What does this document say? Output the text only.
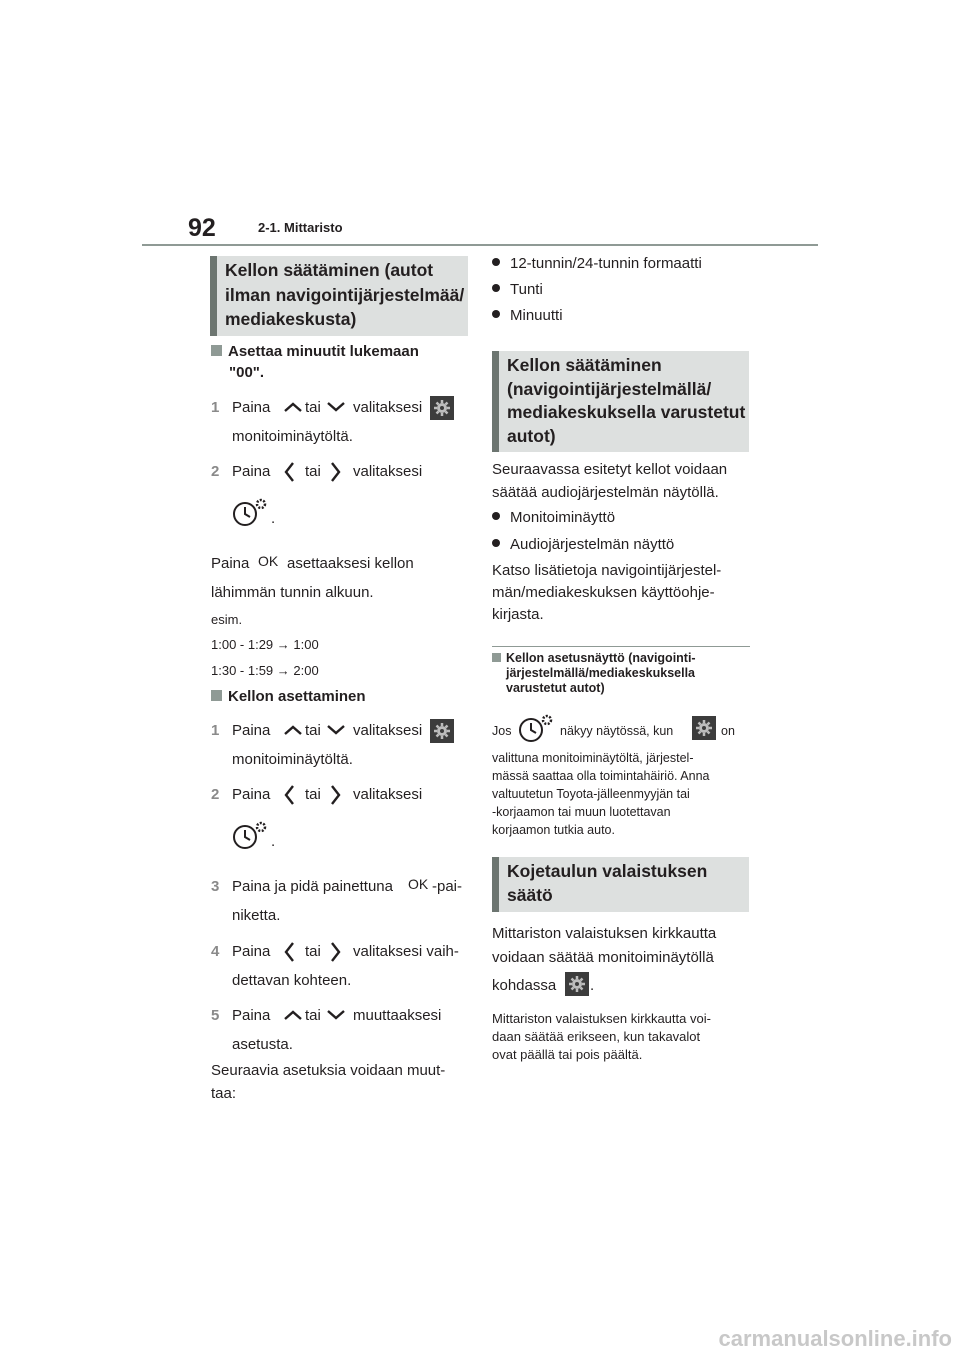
92	2-1. Mittaristo
Kellon säätäminen (autot
ilman navigointijärjestelmää/
mediakeskusta)
Asettaa minuutit lukemaan
"00".
1 Paina tai valitaksesi
monitoiminäytöltä.
2 Paina tai valitaksesi
.
Paina OK asettaaksesi kellon
lähimmän tunnin alkuun.
esim.
1:00 - 1:29 → 1:00
1:30 - 1:59 → 2:00
Kellon asettaminen
1 Paina tai valitaksesi
monitoiminäytöltä.
2 Paina tai valitaksesi
.
3 Paina ja pidä painettuna OK -pai-
niketta.
4 Paina tai valitaksesi vaih-
dettavan kohteen.
5 Paina tai muuttaaksesi
asetusta.
Seuraavia asetuksia voidaan muut-
taa:
12-tunnin/24-tunnin formaatti
Tunti
Minuutti
Kellon säätäminen
(navigointijärjestelmällä/
mediakeskuksella varustetut
autot)
Seuraavassa esitetyt kellot voidaan
säätää audiojärjestelmän näytöllä.
Monitoiminäyttö
Audiojärjestelmän näyttö
Katso lisätietoja navigointijärjestel-
män/mediakeskuksen käyttöohje-
kirjasta.
Kellon asetusnäyttö (navigointi-
järjestelmällä/mediakeskuksella
varustetut autot)
Jos	näkyy näytössä, kun	on
valittuna monitoiminäytöltä, järjestel-
mässä saattaa olla toimintahäiriö. Anna
valtuutetun Toyota-jälleenmyyjän tai
-korjaamon tai muun luotettavan
korjaamon tutkia auto.
Kojetaulun valaistuksen
säätö
Mittariston valaistuksen kirkkautta
voidaan säätää monitoiminäytöllä
kohdassa .
Mittariston valaistuksen kirkkautta voi-
daan säätää erikseen, kun takavalot
ovat päällä tai pois päältä.
carmanualsonline.info
